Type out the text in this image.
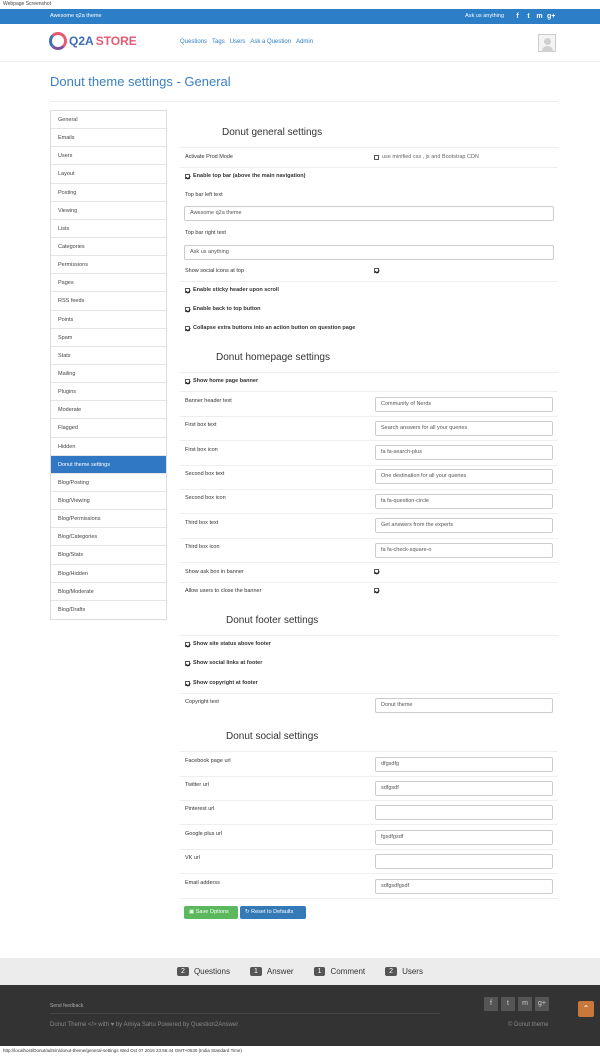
Webpage Screenshot
Awesome q2a theme	Ask us anything	f	t m g+
Q2A STORE	Questions Tags Users Ask a Question Admin
Donut theme settings - General
General
Emails
Users
Layout
Posting
Viewing
Lists
Categories
Permissions
Pages
RSS feeds
Points
Spam
Stats
Mailing
Plugins
Moderate
Flagged
Hidden
Donut theme settings
Blog/Posting
Blog/Viewing
Blog/Permissions
Blog/Categories
Blog/Stats
Blog/Hidden
Blog/Moderate
Blog/Drafts
Donut general settings
Activate Prod Mode	use minified css , js and Bootstrap CDN
Enable top bar (above the main navigation)
Top bar left text
Awesome q2a theme
Top bar right text
Ask us anything
Show social icons at top
Enable sticky header upon scroll
Enable back to top button
Collapse extra buttons into an action button on question page
Donut homepage settings
Show home page banner
Banner header text	Community of Nerds
First box text	Search answers for all your queries
First box icon	fa fa-search-plus
Second box text	One destination for all your queries
Second box icon	fa fa-question-circle
Third box text	Get answers from the experts
Third box icon	fa fa-check-square-o
Show ask box in banner
Allow users to close the banner
Donut footer settings
Show site status above footer
Show social links at footer
Show copyright at footer
Copyright text	Donut theme
Donut social settings
Facebook page url	dfgsdfg
Twitter url	sdfgsdf
Pinterest url
Google plus url	fgsdfgsdf
VK url
Email adderss	sdfgsdfgsdf
▣ Save Options	↻ Reset to Defaults
2	Questions	1	Answer	1	Comment	2	Users
Send feedback
Donut Theme </> with ♥ by Amiya Sahu Powered by Question2Answer	© Donut theme
f	t	m	g+
⌃
http://localhost/Donut/admin/donut-theme/general-settings Wed Oct 07 2015 23:56:44 GMT+0530 (India Standard Time)
